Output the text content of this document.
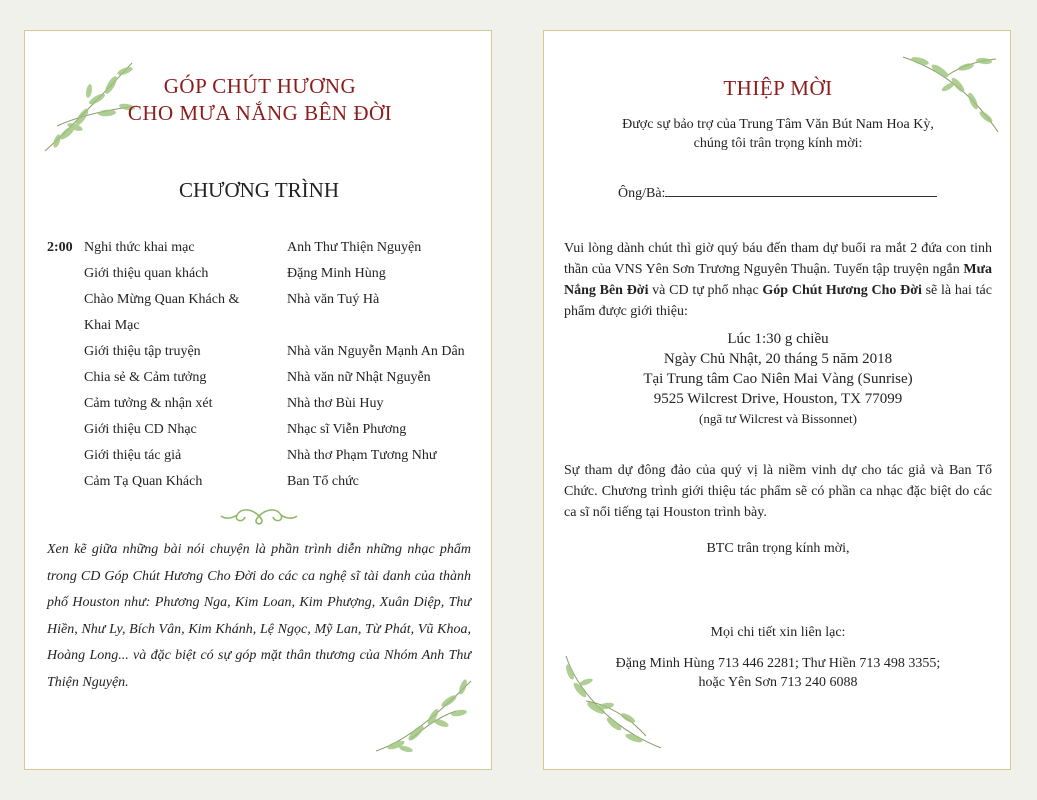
GÓP CHÚT HƯƠNG
CHO MƯA NẮNG BÊN ĐỜI
CHƯƠNG TRÌNH
2:00 Nghi thức khai mạc	Anh Thư Thiện Nguyện
Giới thiệu quan khách	Đặng Minh Hùng
Chào Mừng Quan Khách &	Nhà văn Tuý Hà
Khai Mạc
Giới thiệu tập truyện	Nhà văn Nguyễn Mạnh An Dân
Chia sẻ & Cảm tưởng	Nhà văn nữ Nhật Nguyễn
Cảm tưởng & nhận xét	Nhà thơ Bùi Huy
Giới thiệu CD Nhạc	Nhạc sĩ Viễn Phương
Giới thiệu tác giả	Nhà thơ Phạm Tương Như
Cảm Tạ Quan Khách	Ban Tổ chức
Xen kẽ giữa những bài nói chuyện là phần trình diễn những nhạc phẩm trong CD Góp Chút Hương Cho Đời do các ca nghệ sĩ tài danh của thành phố Houston như: Phương Nga, Kim Loan, Kim Phượng, Xuân Diệp, Thư Hiền, Như Ly, Bích Vân, Kim Khánh, Lệ Ngọc, Mỹ Lan, Từ Phát, Vũ Khoa, Hoàng Long... và đặc biệt có sự góp mặt thân thương của Nhóm Anh Thư Thiện Nguyện.
THIỆP MỜI
Được sự bảo trợ của Trung Tâm Văn Bút Nam Hoa Kỳ,
chúng tôi trân trọng kính mời:
Ông/Bà:
Vui lòng dành chút thì giờ quý báu đến tham dự buổi ra mắt 2 đứa con tinh thần của VNS Yên Sơn Trương Nguyên Thuận. Tuyển tập truyện ngắn Mưa Nắng Bên Đời và CD tự phổ nhạc Góp Chút Hương Cho Đời sẽ là hai tác phẩm được giới thiệu:
Lúc 1:30 g chiều
Ngày Chủ Nhật, 20 tháng 5 năm 2018
Tại Trung tâm Cao Niên Mai Vàng (Sunrise)
9525 Wilcrest Drive, Houston, TX 77099
(ngã tư Wilcrest và Bissonnet)
Sự tham dự đông đảo của quý vị là niềm vinh dự cho tác giả và Ban Tổ Chức. Chương trình giới thiệu tác phẩm sẽ có phần ca nhạc đặc biệt do các ca sĩ nổi tiếng tại Houston trình bày.
BTC trân trọng kính mời,
Mọi chi tiết xin liên lạc:
Đặng Minh Hùng 713 446 2281; Thư Hiền 713 498 3355;
hoặc Yên Sơn 713 240 6088
